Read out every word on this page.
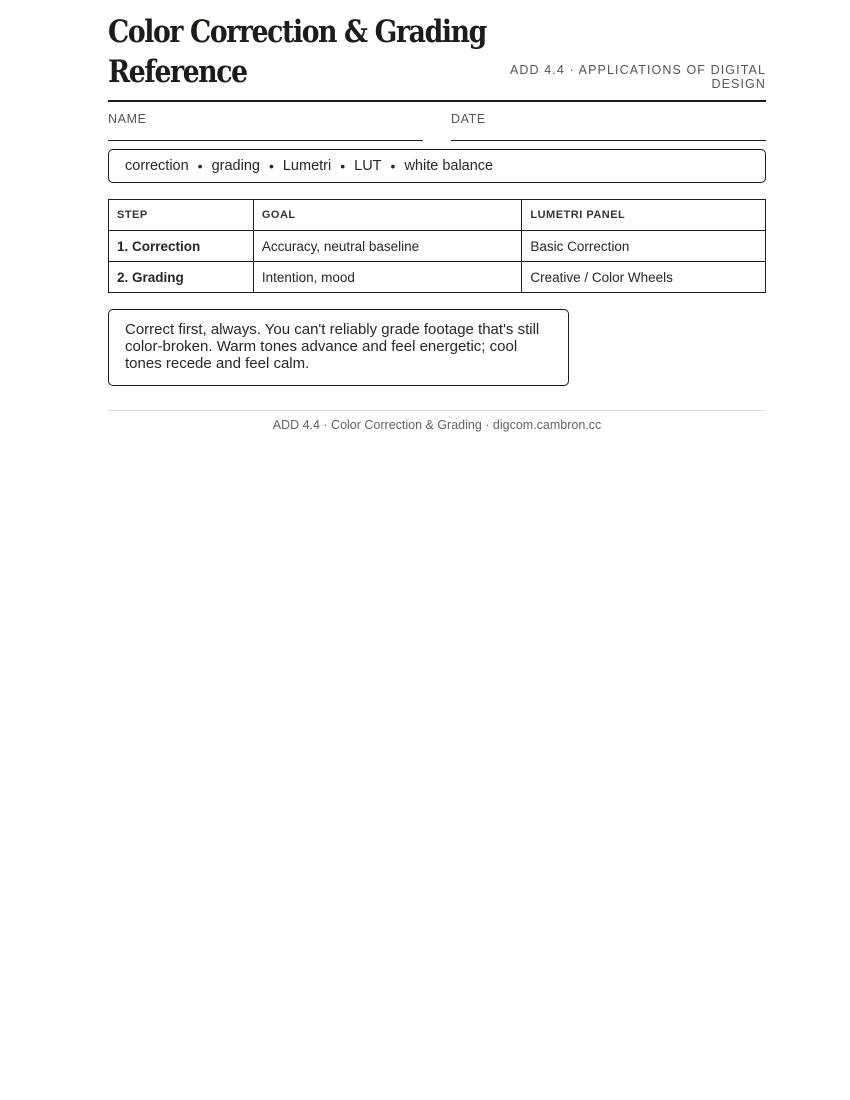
Color Correction & Grading
Reference	ADD 4.4 · APPLICATIONS OF DIGITAL DESIGN
NAME	DATE
correction • grading • Lumetri • LUT • white balance
STEP	GOAL	LUMETRI PANEL
1. Correction	Accuracy, neutral baseline	Basic Correction
2. Grading	Intention, mood	Creative / Color Wheels
Correct first, always. You can't reliably grade footage that's still color-broken. Warm tones advance and feel energetic; cool tones recede and feel calm.
ADD 4.4 · Color Correction & Grading · digcom.cambron.cc
